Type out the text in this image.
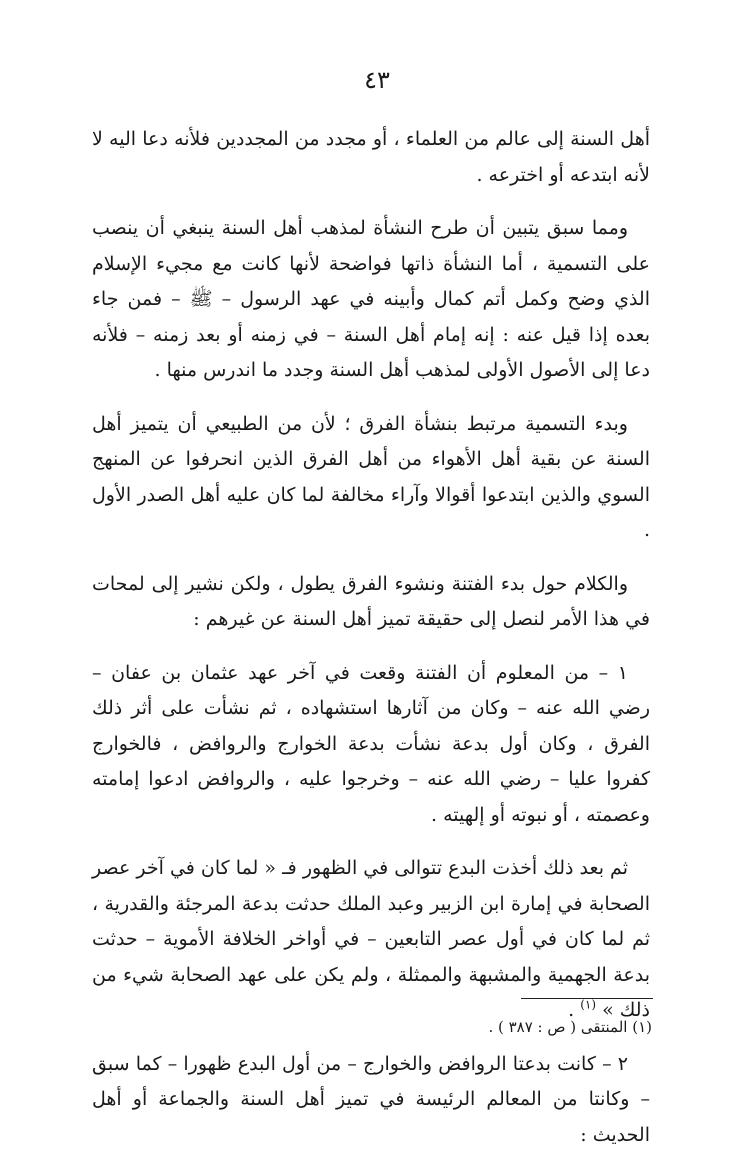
٤٣

أهل السنة إلى عالم من العلماء ، أو مجدد من المجددين فلأنه دعا اليه لا لأنه ابتدعه أو اخترعه .

ومما سبق يتبين أن طرح النشأة لمذهب أهل السنة ينبغي أن ينصب على التسمية ، أما النشأة ذاتها فواضحة لأنها كانت مع مجيء الإسلام الذي وضح وكمل أتم كمال وأبينه في عهد الرسول – ﷺ – فمن جاء بعده إذا قيل عنه : إنه إمام أهل السنة – في زمنه أو بعد زمنه – فلأنه دعا إلى الأصول الأولى لمذهب أهل السنة وجدد ما اندرس منها .

وبدء التسمية مرتبط بنشأة الفرق ؛ لأن من الطبيعي أن يتميز أهل السنة عن بقية أهل الأهواء من أهل الفرق الذين انحرفوا عن المنهج السوي والذين ابتدعوا أقوالا وآراء مخالفة لما كان عليه أهل الصدر الأول .

والكلام حول بدء الفتنة ونشوء الفرق يطول ، ولكن نشير إلى لمحات في هذا الأمر لنصل إلى حقيقة تميز أهل السنة عن غيرهم :

١ – من المعلوم أن الفتنة وقعت في آخر عهد عثمان بن عفان – رضي الله عنه – وكان من آثارها استشهاده ، ثم نشأت على أثر ذلك الفرق ، وكان أول بدعة نشأت بدعة الخوارج والروافض ، فالخوارج كفروا عليا – رضي الله عنه – وخرجوا عليه ، والروافض ادعوا إمامته وعصمته ، أو نبوته أو إلهيته .

ثم بعد ذلك أخذت البدع تتوالى في الظهور فـ « لما كان في آخر عصر الصحابة في إمارة ابن الزبير وعبد الملك حدثت بدعة المرجئة والقدرية ، ثم لما كان في أول عصر التابعين – في أواخر الخلافة الأموية – حدثت بدعة الجهمية والمشبهة والممثلة ، ولم يكن على عهد الصحابة شيء من ذلك » $^{(١)}$ .

٢ – كانت بدعتا الروافض والخوارج – من أول البدع ظهورا – كما سبق – وكانتا من المعالم الرئيسة في تميز أهل السنة والجماعة أو أهل الحديث :

(١) المنتقى ( ص : ٣٨٧ ) .
